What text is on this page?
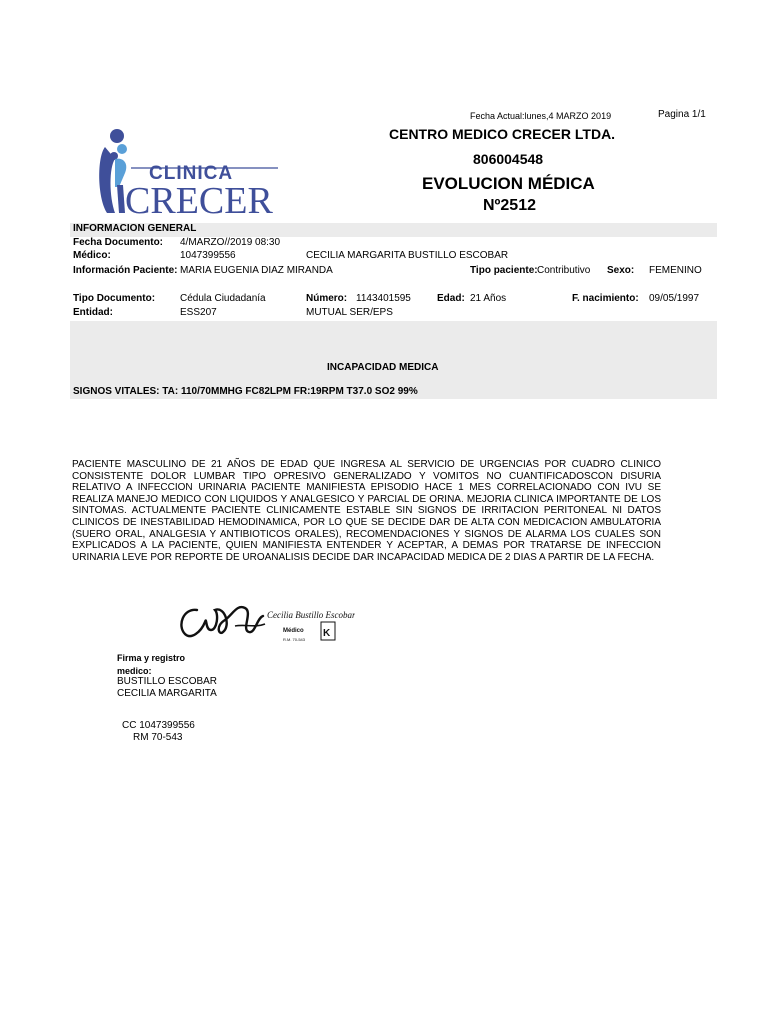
Fecha Actual:lunes,4 MARZO 2019	Pagina 1/1
CENTRO MEDICO CRECER LTDA.
806004548
EVOLUCION MÉDICA
Nº2512
CLINICA
CRECER
INFORMACION GENERAL
Fecha Documento: 4/MARZO//2019 08:30
Médico:	1047399556	CECILIA MARGARITA BUSTILLO ESCOBAR
Información Paciente: MARIA EUGENIA DIAZ MIRANDA	Tipo paciente: Contributivo Sexo: FEMENINO
Tipo Documento: Cédula Ciudadanía	Número: 1143401595	Edad: 21 Años	F. nacimiento: 09/05/1997
Entidad:	ESS207	MUTUAL SER/EPS
INCAPACIDAD MEDICA
SIGNOS VITALES: TA: 110/70MMHG FC82LPM FR:19RPM T37.0 SO2 99%
PACIENTE MASCULINO DE 21 AÑOS DE EDAD QUE INGRESA AL SERVICIO DE URGENCIAS POR CUADRO CLINICO CONSISTENTE DOLOR LUMBAR TIPO OPRESIVO GENERALIZADO Y VOMITOS NO CUANTIFICADOSCON DISURIA RELATIVO A INFECCION URINARIA PACIENTE MANIFIESTA EPISODIO HACE 1 MES CORRELACIONADO CON IVU SE REALIZA MANEJO MEDICO CON LIQUIDOS Y ANALGESICO Y PARCIAL DE ORINA. MEJORIA CLINICA IMPORTANTE DE LOS SINTOMAS. ACTUALMENTE PACIENTE CLINICAMENTE ESTABLE SIN SIGNOS DE IRRITACION PERITONEAL NI DATOS CLINICOS DE INESTABILIDAD HEMODINAMICA, POR LO QUE SE DECIDE DAR DE ALTA CON MEDICACION AMBULATORIA (SUERO ORAL, ANALGESIA Y ANTIBIOTICOS ORALES), RECOMENDACIONES Y SIGNOS DE ALARMA LOS CUALES SON EXPLICADOS A LA PACIENTE, QUIEN MANIFIESTA ENTENDER Y ACEPTAR, A DEMAS POR TRATARSE DE INFECCION URINARIA LEVE POR REPORTE DE UROANALISIS DECIDE DAR INCAPACIDAD MEDICA DE 2 DIAS A PARTIR DE LA FECHA.
Cecilia Bustillo Escobar
Médico
R.M. 70-543
K
Firma y registro
medico:
BUSTILLO ESCOBAR
CECILIA MARGARITA
CC 1047399556
RM 70-543
